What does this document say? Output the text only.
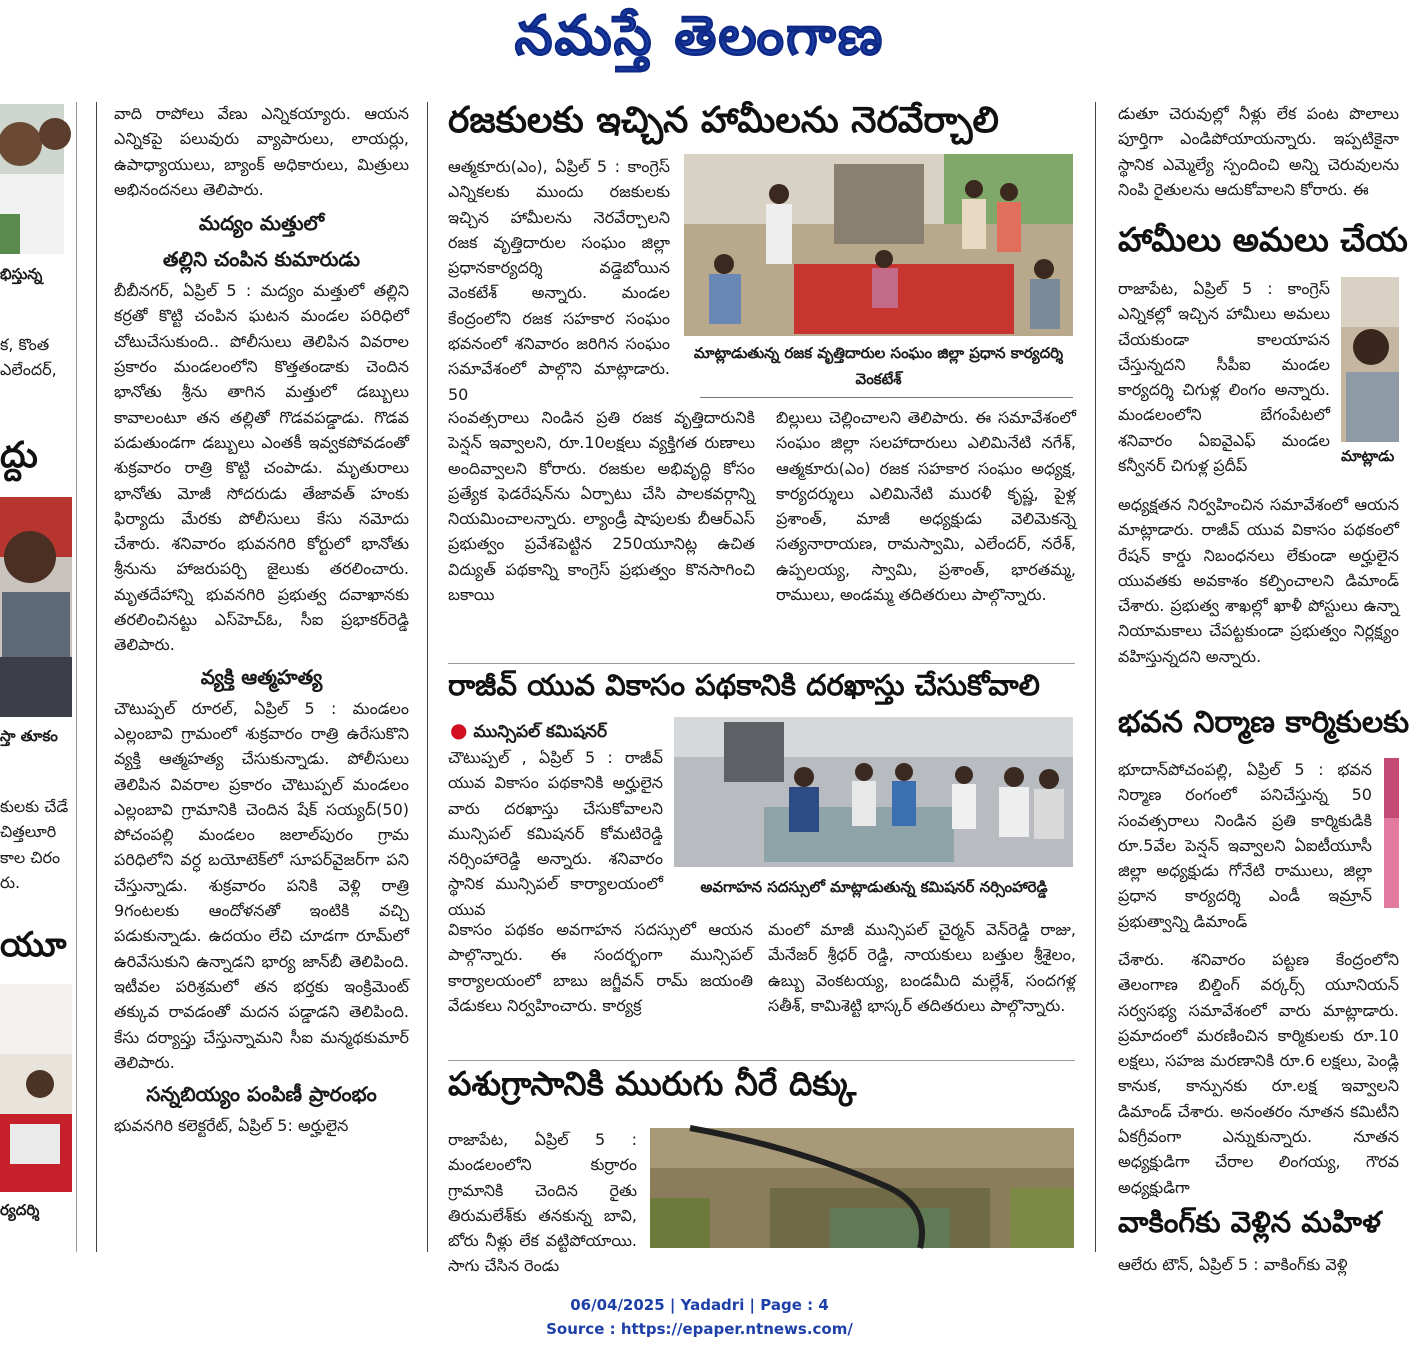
నమస్తే తెలంగాణ
భిస్తున్న

క, కొంత

ఎలేందర్,

ద్దు
స్తా తూకం

కులకు చేడే

చిత్తలూరి

కాల చిరం

రు.

యూ
ర్యదర్శి

వాది రాపోలు వేణు ఎన్నికయ్యారు. ఆయన ఎన్నికపై పలువురు వ్యాపారులు, లాయర్లు, ఉపాధ్యాయులు, బ్యాంక్ అధికారులు, మిత్రులు అభినందనలు తెలిపారు.

మద్యం మత్తులో
తల్లిని చంపిన కుమారుడు

బీబీనగర్, ఏప్రిల్ 5 : మద్యం మత్తులో తల్లిని కర్రతో కొట్టి చంపిన ఘటన మండల పరిధిలో చోటుచేసుకుంది.. పోలీసులు తెలిపిన వివరాల ప్రకారం మండలంలోని కొత్తతండాకు చెందిన భానోతు శ్రీను తాగిన మత్తులో డబ్బులు కావాలంటూ తన తల్లితో గొడవపడ్డాడు. గొడవ పడుతుండగా డబ్బులు ఎంతకీ ఇవ్వకపోవడంతో శుక్రవారం రాత్రి కొట్టి చంపాడు. మృతురాలు భానోతు మోజీ సోదరుడు తేజావత్ హంకు ఫిర్యాదు మేరకు పోలీసులు కేసు నమోదు చేశారు. శనివారం భువనగిరి కోర్టులో భానోతు శ్రీనును హాజరుపర్చి జైలుకు తరలించారు. మృతదేహాన్ని భువనగిరి ప్రభుత్వ దవాఖానకు తరలించినట్టు ఎస్‌హెచ్‌ఓ, సీఐ ప్రభాకర్‌రెడ్డి తెలిపారు.

వ్యక్తి ఆత్మహత్య

చౌటుప్పల్ రూరల్, ఏప్రిల్ 5 : మండలం ఎల్లంబావి గ్రామంలో శుక్రవారం రాత్రి ఉరేసుకొని వ్యక్తి ఆత్మహత్య చేసుకున్నాడు. పోలీసులు తెలిపిన వివరాల ప్రకారం చౌటుప్పల్ మండలం ఎల్లంబావి గ్రామానికి చెందిన షేక్ సయ్యద్(50) పోచంపల్లి మండలం జలాల్‌పురం గ్రామ పరిధిలోని వర్ధ బయోటెక్‌లో సూపర్‌వైజర్‌గా పని చేస్తున్నాడు. శుక్రవారం పనికి వెళ్లి రాత్రి 9గంటలకు ఆందోళనతో ఇంటికి వచ్చి పడుకున్నాడు. ఉదయం లేచి చూడగా రూమ్‌లో ఉరివేసుకుని ఉన్నాడని భార్య జాన్‌బీ తెలిపింది. ఇటీవల పరిశ్రమలో తన భర్తకు ఇంక్రిమెంట్ తక్కువ రావడంతో మదన పడ్డాడని తెలిపింది. కేసు దర్యాప్తు చేస్తున్నామని సీఐ మన్మథకుమార్ తెలిపారు.

సన్నబియ్యం పంపిణీ ప్రారంభం

భువనగిరి కలెక్టరేట్, ఏప్రిల్ 5: అర్హులైన

రజకులకు ఇచ్చిన హామీలను నెరవేర్చాలి
ఆత్మకూరు(ఎం), ఏప్రిల్ 5 : కాంగ్రెస్ ఎన్నికలకు ముందు రజకులకు ఇచ్చిన హామీలను నెరవేర్చాలని రజక వృత్తిదారుల సంఘం జిల్లా ప్రధానకార్యదర్శి వడ్డెబోయిన వెంకటేశ్ అన్నారు. మండల కేంద్రంలోని రజక సహకార సంఘం భవనంలో శనివారం జరిగిన సంఘం సమావేశంలో పాల్గొని మాట్లాడారు. 50
మాట్లాడుతున్న రజక వృత్తిదారుల సంఘం జిల్లా ప్రధాన కార్యదర్శి వెంకటేశ్
సంవత్సరాలు నిండిన ప్రతి రజక వృత్తిదారునికి పెన్షన్ ఇవ్వాలని, రూ.10లక్షలు వ్యక్తిగత రుణాలు అందివ్వాలని కోరారు. రజకుల అభివృద్ధి కోసం ప్రత్యేక ఫెడరేషన్‌ను ఏర్పాటు చేసి పాలకవర్గాన్ని నియమించాలన్నారు. ల్యాండ్రీ షాపులకు బీఆర్‌ఎస్ ప్రభుత్వం ప్రవేశపెట్టిన 250యూనిట్ల ఉచిత విద్యుత్ పథకాన్ని కాంగ్రెస్ ప్రభుత్వం కొనసాగించి బకాయి
బిల్లులు చెల్లించాలని తెలిపారు. ఈ సమావేశంలో సంఘం జిల్లా సలహాదారులు ఎలిమినేటి నగేశ్, ఆత్మకూరు(ఎం) రజక సహకార సంఘం అధ్యక్ష, కార్యదర్శులు ఎలిమినేటి మురళీ కృష్ణ, పైళ్ల ప్రశాంత్, మాజీ అధ్యక్షుడు వెలిమెకన్నె సత్యనారాయణ, రామస్వామి, ఎలేందర్, నరేశ్, ఉప్పలయ్య, స్వామి, ప్రశాంత్, భారతమ్మ, రాములు, అండమ్మ తదితరులు పాల్గొన్నారు.
రాజీవ్ యువ వికాసం పథకానికి దరఖాస్తు చేసుకోవాలి
● మున్సిపల్ కమిషనర్
చౌటుప్పల్ , ఏప్రిల్ 5 : రాజీవ్ యువ వికాసం పథకానికి అర్హులైన వారు దరఖాస్తు చేసుకోవాలని మున్సిపల్ కమిషనర్ కోమటిరెడ్డి నర్సింహారెడ్డి అన్నారు. శనివారం స్థానిక మున్సిపల్ కార్యాలయంలో యువ
అవగాహన సదస్సులో మాట్లాడుతున్న కమిషనర్ నర్సింహారెడ్డి
వికాసం పథకం అవగాహన సదస్సులో ఆయన పాల్గొన్నారు. ఈ సందర్భంగా మున్సిపల్ కార్యాలయంలో బాబు జగ్జీవన్ రామ్ జయంతి వేడుకలు నిర్వహించారు. కార్యక్ర
మంలో మాజీ మున్సిపల్ చైర్మన్ వెన్‌రెడ్డి రాజు, మేనేజర్ శ్రీధర్ రెడ్డి, నాయకులు బత్తుల శ్రీశైలం, ఉబ్బు వెంకటయ్య, బండమీది మల్లేశ్, సందగళ్ల సతీశ్, కామిశెట్టి భాస్కర్ తదితరులు పాల్గొన్నారు.
పశుగ్రాసానికి మురుగు నీరే దిక్కు
రాజాపేట, ఏప్రిల్ 5 : మండలంలోని కుర్రారం గ్రామానికి చెందిన రైతు తిరుమలేశ్‌కు తనకున్న బావి, బోరు నీళ్లు లేక వట్టిపోయాయి. సాగు చేసిన రెండు
డుతూ చెరువుల్లో నీళ్లు లేక పంట పొలాలు పూర్తిగా ఎండిపోయాయన్నారు. ఇప్పటికైనా స్థానిక ఎమ్మెల్యే స్పందించి అన్ని చెరువులను నింపి రైతులను ఆదుకోవాలని కోరారు. ఈ
హామీలు అమలు చేయ
రాజాపేట, ఏప్రిల్ 5 : కాంగ్రెస్ ఎన్నికల్లో ఇచ్చిన హామీలు అమలు చేయకుండా కాలయాపన చేస్తున్నదని సీపీఐ మండల కార్యదర్శి చిగుళ్ల లింగం అన్నారు. మండలంలోని బేగంపేటలో శనివారం ఏఐవైఎఫ్ మండల కన్వీనర్ చిగుళ్ల ప్రదీప్
మాట్లాడు
అధ్యక్షతన నిర్వహించిన సమావేశంలో ఆయన మాట్లాడారు. రాజీవ్ యువ వికాసం పథకంలో రేషన్ కార్డు నిబంధనలు లేకుండా అర్హులైన యువతకు అవకాశం కల్పించాలని డిమాండ్ చేశారు. ప్రభుత్వ శాఖల్లో ఖాళీ పోస్టులు ఉన్నా నియామకాలు చేపట్టకుండా ప్రభుత్వం నిర్లక్ష్యం వహిస్తున్నదని అన్నారు.
భవన నిర్మాణ కార్మికులకు
భూదాన్‌పోచంపల్లి, ఏప్రిల్ 5 : భవన నిర్మాణ రంగంలో పనిచేస్తున్న 50 సంవత్సరాలు నిండిన ప్రతి కార్మికుడికి రూ.5వేల పెన్షన్ ఇవ్వాలని ఏఐటీయూసీ జిల్లా అధ్యక్షుడు గోనేటి రాములు, జిల్లా ప్రధాన కార్యదర్శి ఎండీ ఇమ్రాన్ ప్రభుత్వాన్ని డిమాండ్
చేశారు. శనివారం పట్టణ కేంద్రంలోని తెలంగాణ బిల్డింగ్ వర్కర్స్ యూనియన్ సర్వసభ్య సమావేశంలో వారు మాట్లాడారు. ప్రమాదంలో మరణించిన కార్మికులకు రూ.10 లక్షలు, సహజ మరణానికి రూ.6 లక్షలు, పెండ్లి కానుక, కాన్పునకు రూ.లక్ష ఇవ్వాలని డిమాండ్ చేశారు. అనంతరం నూతన కమిటీని ఏకగ్రీవంగా ఎన్నుకున్నారు. నూతన అధ్యక్షుడిగా చేరాల లింగయ్య, గౌరవ అధ్యక్షుడిగా
వాకింగ్‌కు వెళ్లిన మహిళ
ఆలేరు టౌన్, ఏప్రిల్ 5 : వాకింగ్‌కు వెళ్లి
06/04/2025 | Yadadri | Page : 4
Source : https://epaper.ntnews.com/
